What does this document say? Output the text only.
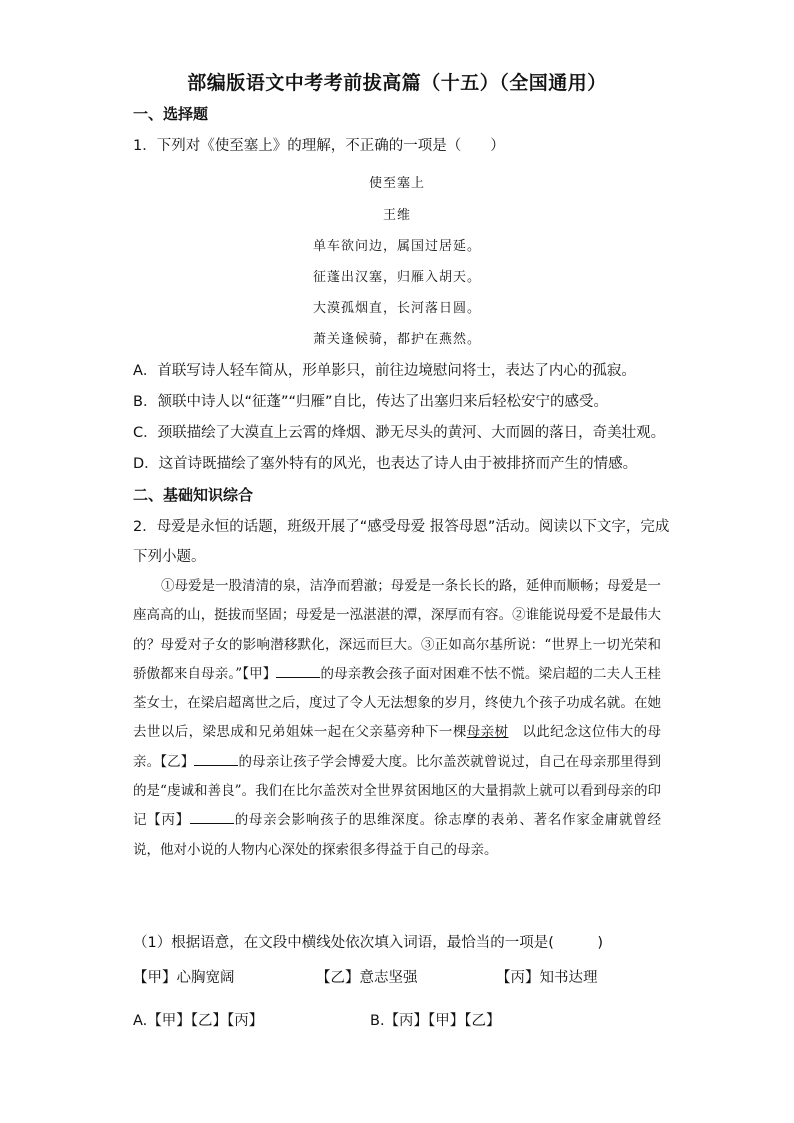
部编版语文中考考前拔高篇（十五）（全国通用）
一、选择题
1．下列对《使至塞上》的理解，不正确的一项是（　　）
使至塞上
王维
单车欲问边，属国过居延。
征蓬出汉塞，归雁入胡天。
大漠孤烟直，长河落日圆。
萧关逢候骑，都护在燕然。
A．首联写诗人轻车简从，形单影只，前往边境慰问将士，表达了内心的孤寂。
B．颔联中诗人以“征蓬”“归雁”自比，传达了出塞归来后轻松安宁的感受。
C．颈联描绘了大漠直上云霄的烽烟、渺无尽头的黄河、大而圆的落日，奇美壮观。
D．这首诗既描绘了塞外特有的风光，也表达了诗人由于被排挤而产生的情感。
二、基础知识综合
2．母爱是永恒的话题，班级开展了“感受母爱 报答母恩”活动。阅读以下文字，完成
下列小题。
①母爱是一股清清的泉，洁净而碧澈；母爱是一条长长的路，延伸而顺畅；母爱是一座高高的山，挺拔而坚固；母爱是一泓湛湛的潭，深厚而有容。②谁能说母爱不是最伟大的？母爱对子女的影响潜移默化，深远而巨大。③正如高尔基所说：“世界上一切光荣和骄傲都来自母亲。”【甲】	的母亲教会孩子面对困难不怯不慌。梁启超的二夫人王桂荃女士，在梁启超离世之后，度过了令人无法想象的岁月，终使九个孩子功成名就。在她去世以后，梁思成和兄弟姐妹一起在父亲墓旁种下一棵母亲树　 以此纪念这位伟大的母亲。【乙】	的母亲让孩子学会博爱大度。比尔盖茨就曾说过，自己在母亲那里得到的是“虔诚和善良”。我们在比尔盖茨对全世界贫困地区的大量捐款上就可以看到母亲的印记【丙】	的母亲会影响孩子的思维深度。徐志摩的表弟、著名作家金庸就曾经说，他对小说的人物内心深处的探索很多得益于自己的母亲。
（1）根据语意，在文段中横线处依次填入词语，最恰当的一项是(　　　)
【甲】心胸宽阔	【乙】意志坚强	【丙】知书达理
A.【甲】【乙】【丙】	B.【丙】【甲】【乙】
